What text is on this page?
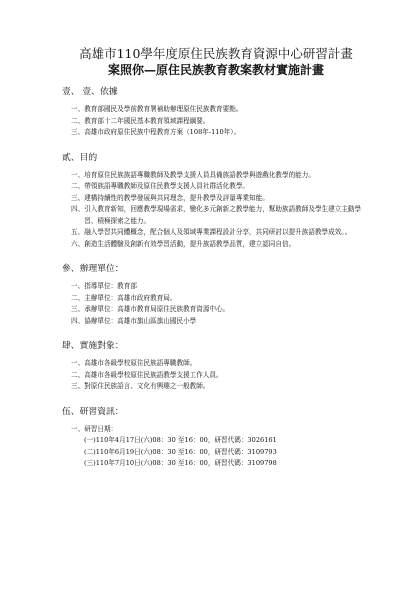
高雄市110學年度原住民族教育資源中心研習計畫

案照你—原住民族教育教案教材實施計畫

壹、 壹、依據

一、 教育部國民及學前教育署補助辦理原住民族教育要點。
二、 教育部十二年國民基本教育領域課程綱要。
三、 高雄市政府原住民族中程教育方案（108年-110年）。

貳、目的

一、 培育原住民族族語專職教師及教學支援人員具備族語教學與遊戲化教學的能力。
二、 帶領族語專職教師及原住民教學支援人員社群活化教學。
三、 建構持續性的教學發展與共同理念，提升教學及評量專業知能。
四、 引入教育新知，回應教學現場需求，變化多元創新之教學能力，幫助族語教師及學生建立主動學習、積極探索之能力。
五、 融入學習共同體概念，配合個人及領域專業課程設計分享，共同研討以提升族語教學成效。。
六、 創造生活體驗及創新有效學習活動，提升族語教學品質，建立認同自信。

參、辦理單位：

一、 指導單位：教育部
二、 主辦單位：高雄市政府教育局。
三、 承辦單位：高雄市教育局原住民族教育資源中心。
四、 協辦單位：高雄市旗山區旗山國民小學

肆、實施對象：

一、 高雄市各級學校原住民族語專職教師。
二、 高雄市各級學校原住民族語教學支援工作人員。
三、 對原住民族語言、文化有興趣之一般教師。

伍、研習資訊：

一、 研習日期：
(一)110年4月17日(六)08：30 至16：00，研習代碼：3026161
(二)110年6月19日(六)08：30 至16：00，研習代碼：3109793
(三)110年7月10日(六)08：30 至16：00，研習代碼：3109798
